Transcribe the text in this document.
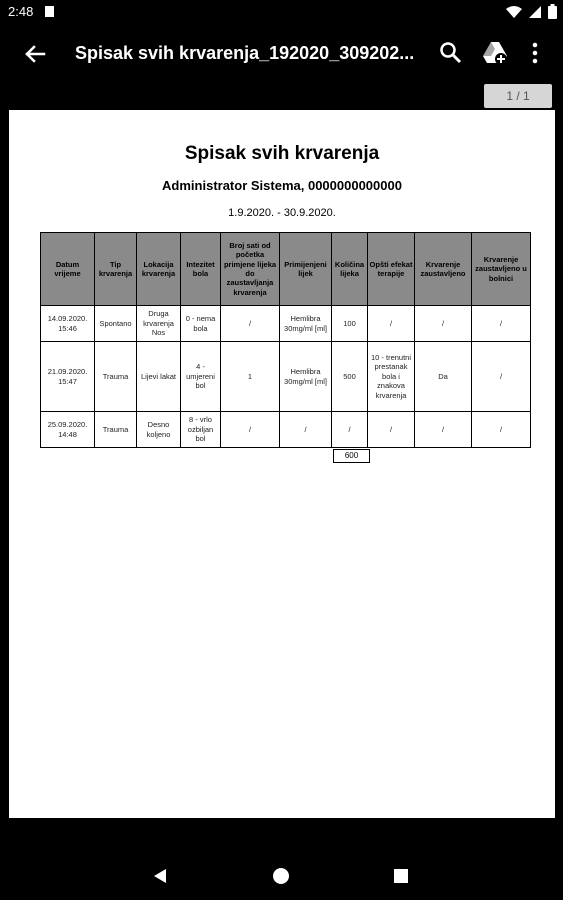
2:48
Spisak svih krvarenja_192020_309202...
1 / 1
Spisak svih krvarenja
Administrator Sistema, 0000000000000
1.9.2020. - 30.9.2020.
Datum vrijeme	Tip krvarenja	Lokacija krvarenja	Intezitet bola	Broj sati od početka primjene lijeka do zaustavljanja krvarenja	Primijenjeni lijek	Količina lijeka	Opšti efekat terapije	Krvarenje zaustavljeno	Krvarenje zaustavljeno u bolnici
14.09.2020. 15:46	Spontano	Druga krvarenja Nos	0 - nema bola	/	Hemlibra 30mg/ml [ml]	100	/	/	/
21.09.2020. 15:47	Trauma	Lijevi lakat	4 - umjereni bol	1	Hemlibra 30mg/ml [ml]	500	10 - trenutni prestanak bola i znakova krvarenja	Da	/
25.09.2020. 14:48	Trauma	Desno koljeno	8 - vrlo ozbiljan bol	/	/	/	/	/	/
600
